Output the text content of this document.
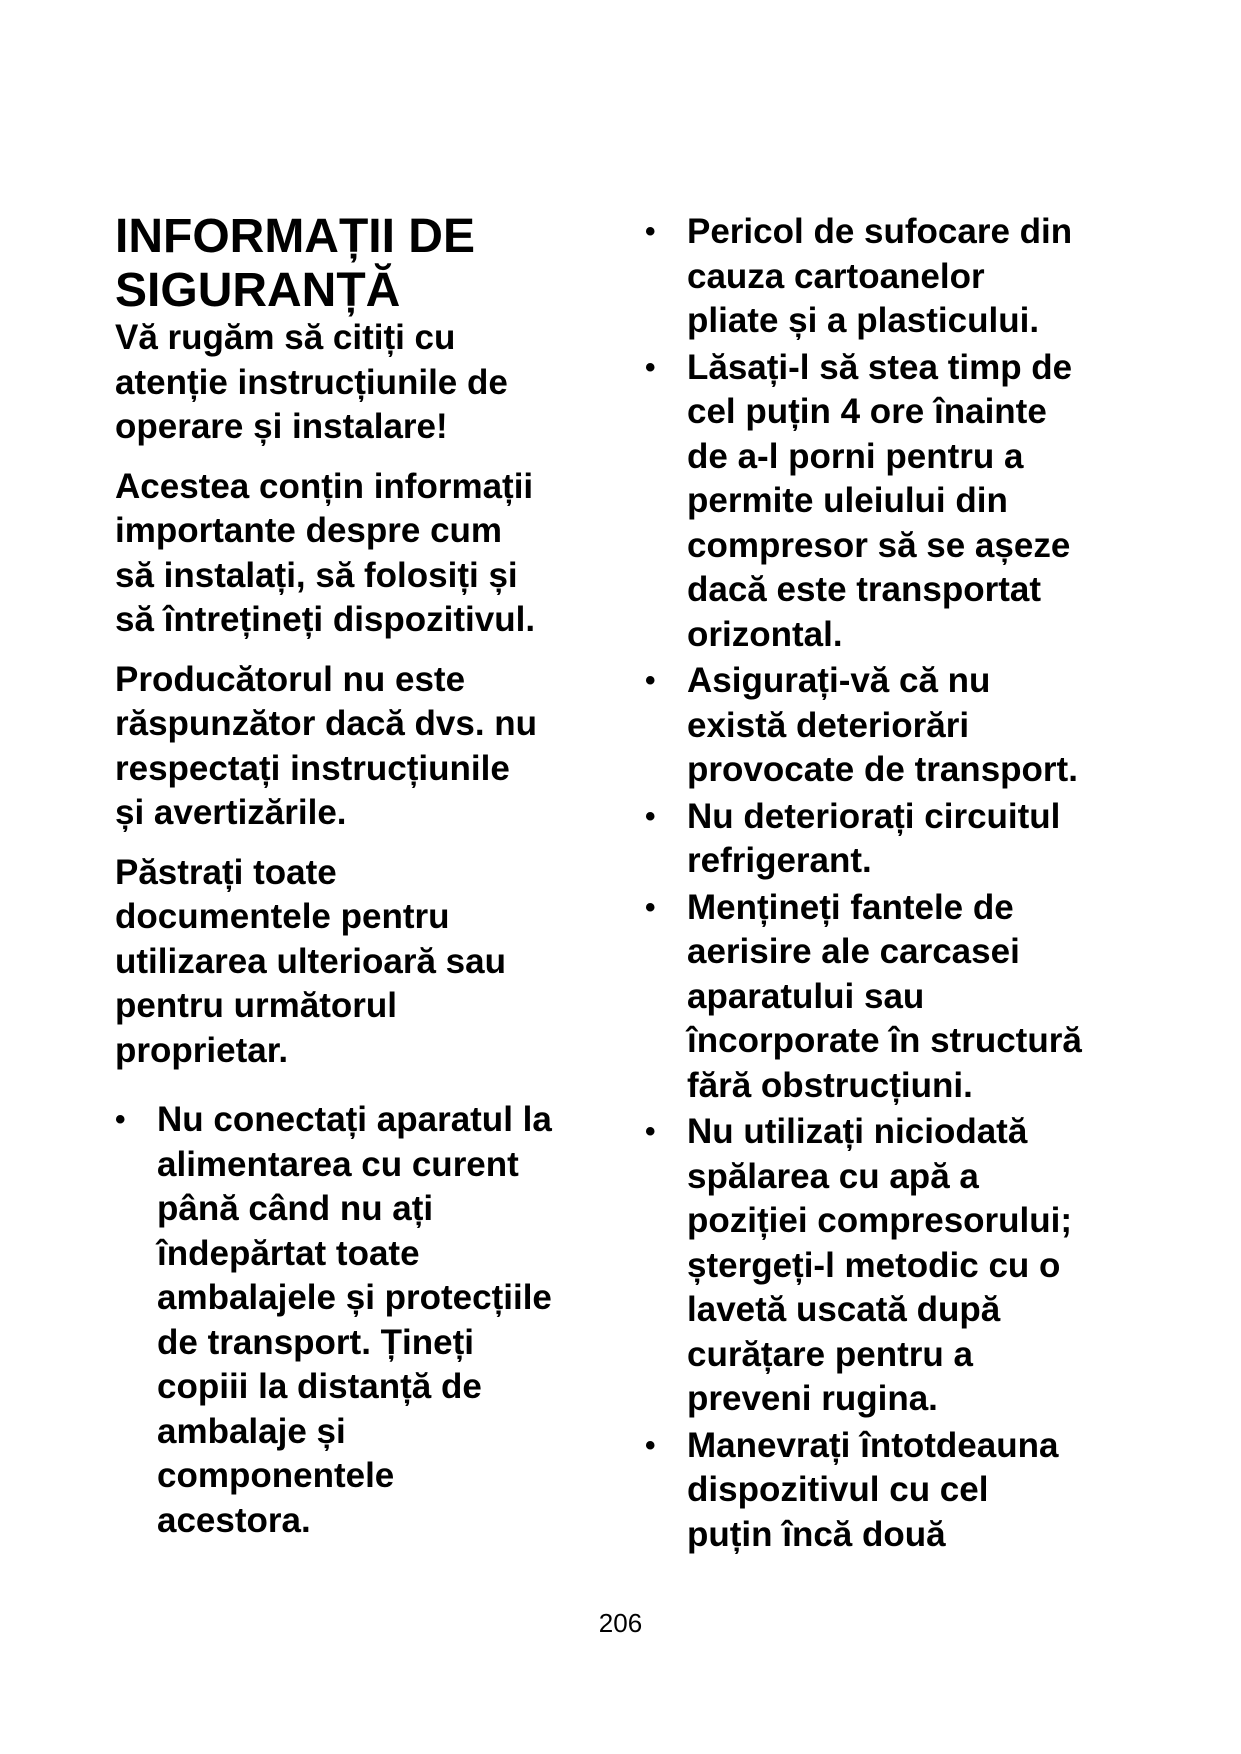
INFORMAȚII DE
SIGURANȚĂ

Vă rugăm să citiți cu
atenție instrucțiunile de
operare și instalare!

Acestea conțin informații
importante despre cum
să instalați, să folosiți și
să întreținеți dispozitivul.

Producătorul nu este
răspunzător dacă dvs. nu
respectați instrucțiunile
și avertizările.

Păstrați toate
documentele pentru
utilizarea ulterioară sau
pentru următorul
proprietar.

• Nu conectați aparatul la
alimentarea cu curent
până când nu ați
îndepărtat toate
ambalajele și protecțiile
de transport. Țineți
copiii la distanță de
ambalaje și
componentele
acestora.
• Pericol de sufocare din
cauza cartoanelor
pliate și a plasticului.
• Lăsați-l să stea timp de
cel puțin 4 ore înainte
de a-l porni pentru a
permite uleiului din
compresor să se așeze
dacă este transportat
orizontal.
• Asigurați-vă că nu
există deteriorări
provocate de transport.
• Nu deteriorați circuitul
refrigerant.
• Mențineți fantele de
aerisire ale carcasei
aparatului sau
încorporate în structură
fără obstrucțiuni.
• Nu utilizați niciodată
spălarea cu apă a
poziției compresorului;
ștergeți-l metodic cu o
lavetă uscată după
curățare pentru a
preveni rugina.
• Manevrați întotdeauna
dispozitivul cu cel
puțin încă două
206
